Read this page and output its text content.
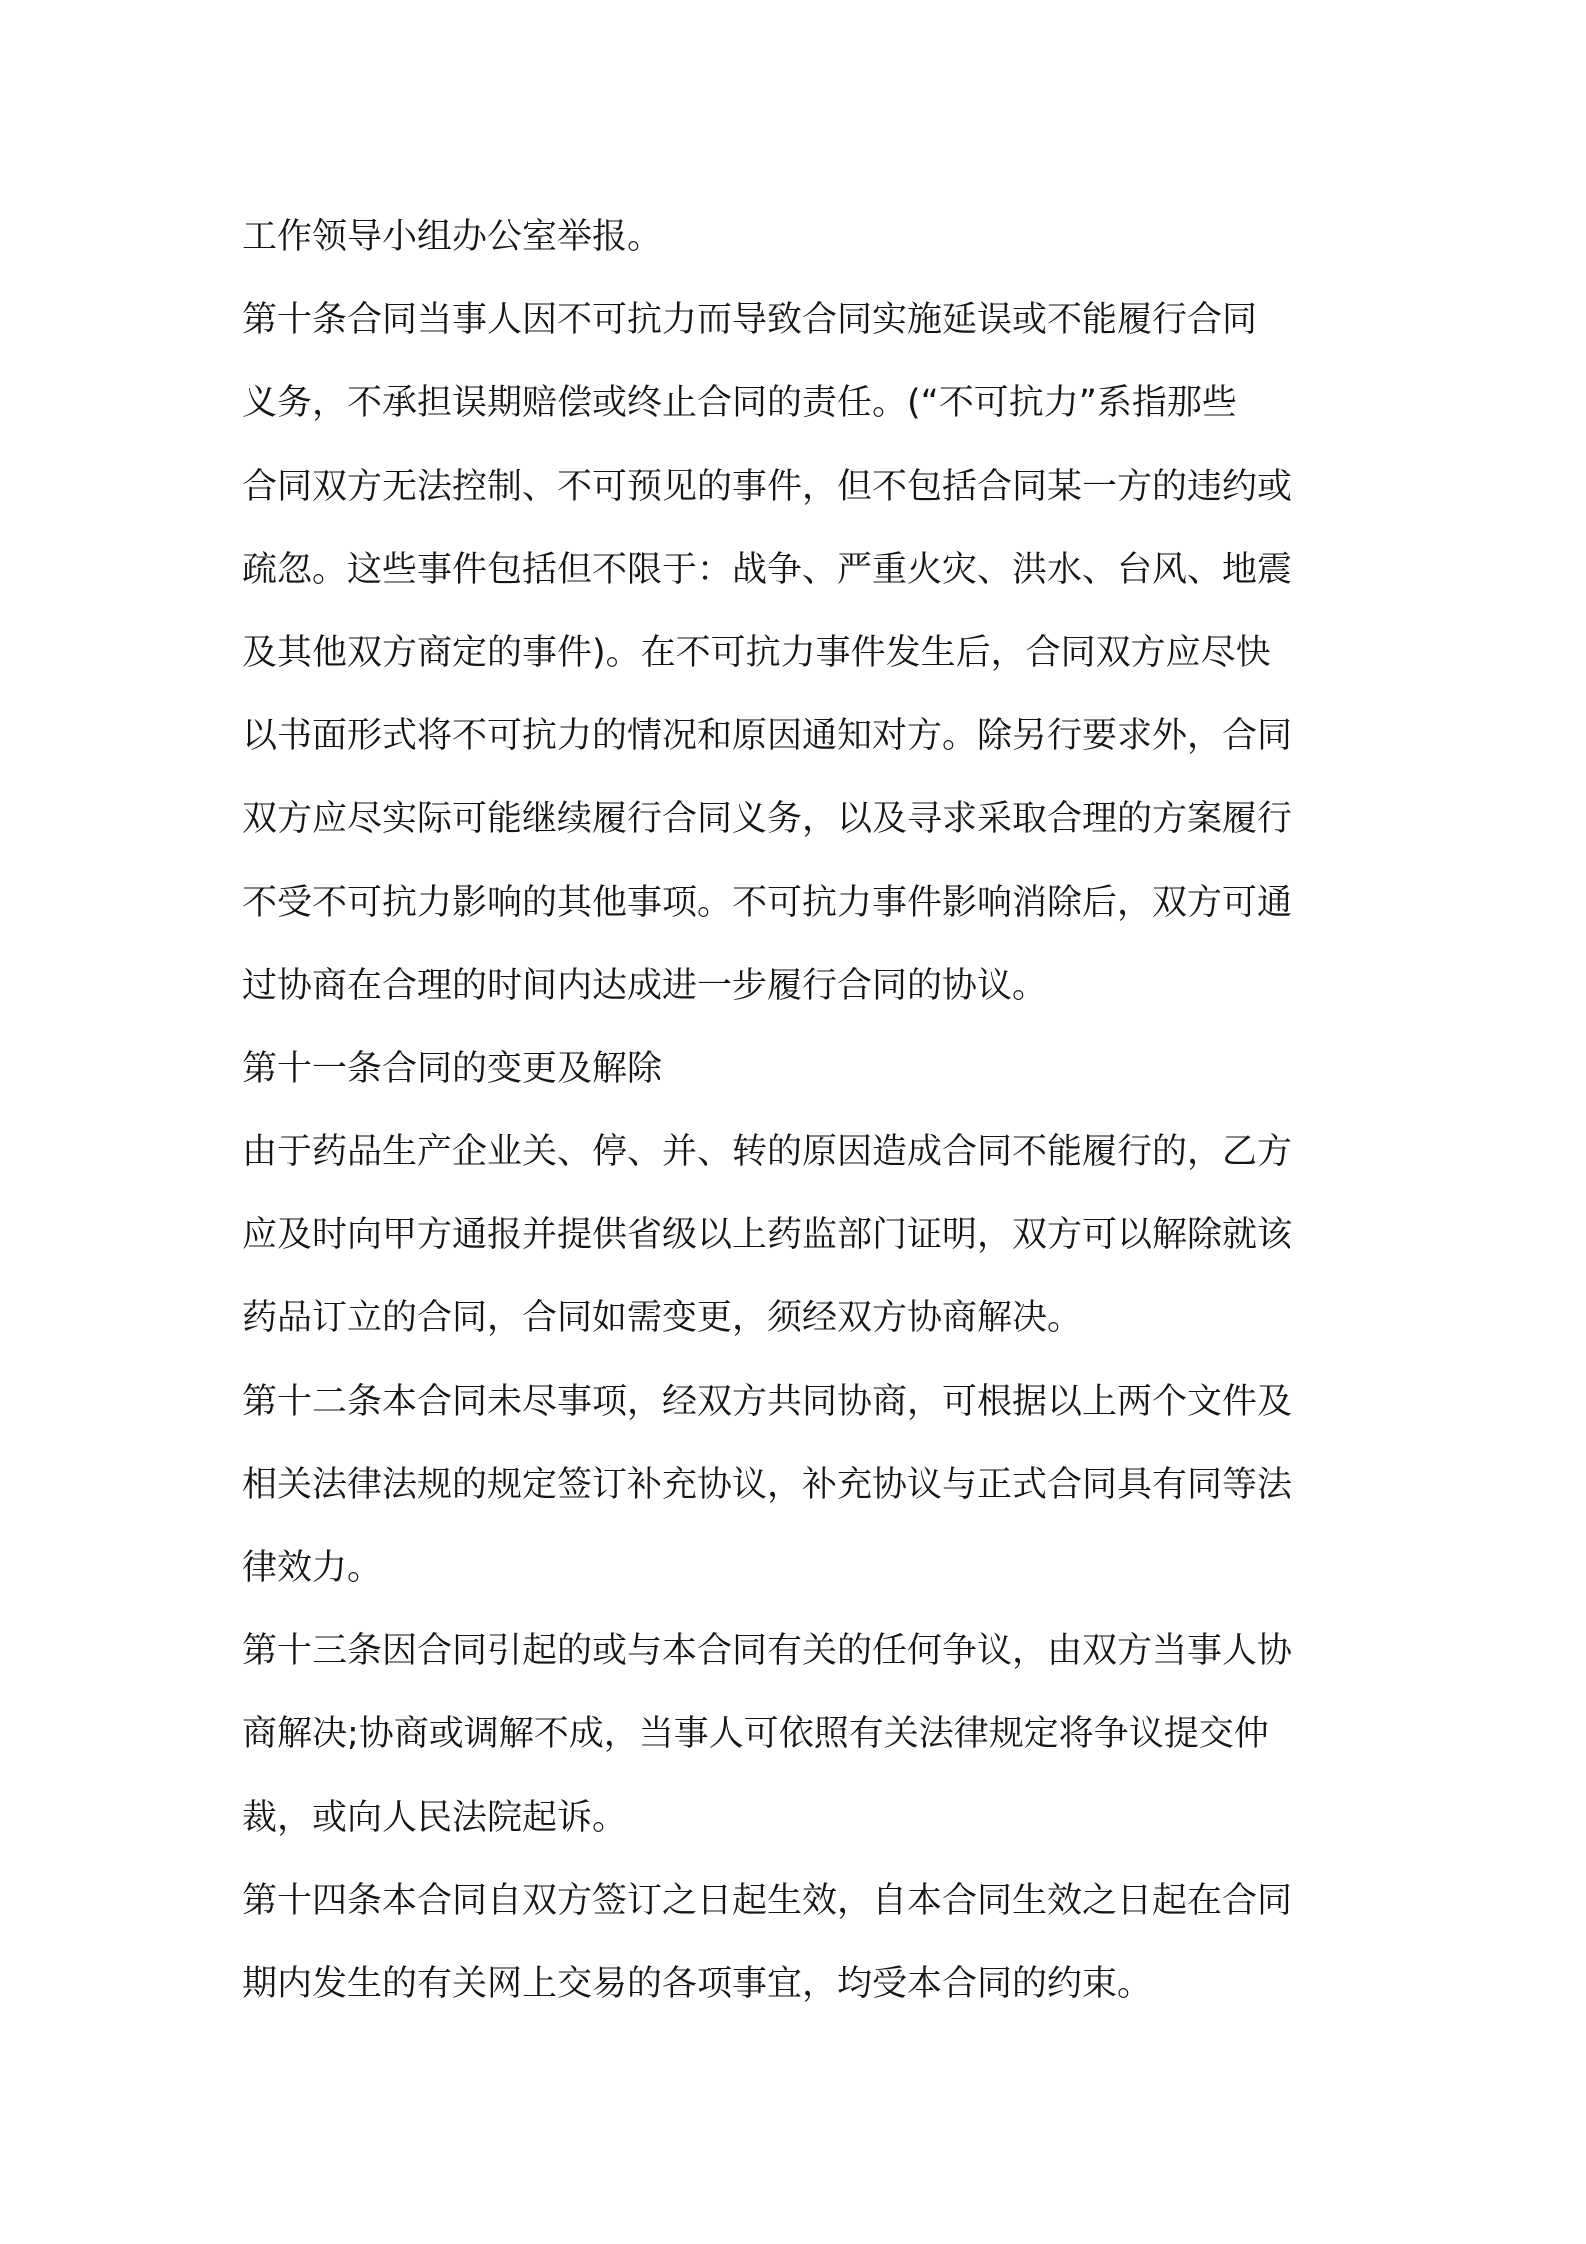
工作领导小组办公室举报。
第十条合同当事人因不可抗力而导致合同实施延误或不能履行合同
义务，不承担误期赔偿或终止合同的责任。(“不可抗力”系指那些
合同双方无法控制、不可预见的事件，但不包括合同某一方的违约或
疏忽。这些事件包括但不限于：战争、严重火灾、洪水、台风、地震
及其他双方商定的事件)。在不可抗力事件发生后，合同双方应尽快
以书面形式将不可抗力的情况和原因通知对方。除另行要求外，合同
双方应尽实际可能继续履行合同义务，以及寻求采取合理的方案履行
不受不可抗力影响的其他事项。不可抗力事件影响消除后，双方可通
过协商在合理的时间内达成进一步履行合同的协议。
第十一条合同的变更及解除
由于药品生产企业关、停、并、转的原因造成合同不能履行的，乙方
应及时向甲方通报并提供省级以上药监部门证明，双方可以解除就该
药品订立的合同，合同如需变更，须经双方协商解决。
第十二条本合同未尽事项，经双方共同协商，可根据以上两个文件及
相关法律法规的规定签订补充协议，补充协议与正式合同具有同等法
律效力。
第十三条因合同引起的或与本合同有关的任何争议，由双方当事人协
商解决;协商或调解不成，当事人可依照有关法律规定将争议提交仲
裁，或向人民法院起诉。
第十四条本合同自双方签订之日起生效，自本合同生效之日起在合同
期内发生的有关网上交易的各项事宜，均受本合同的约束。
